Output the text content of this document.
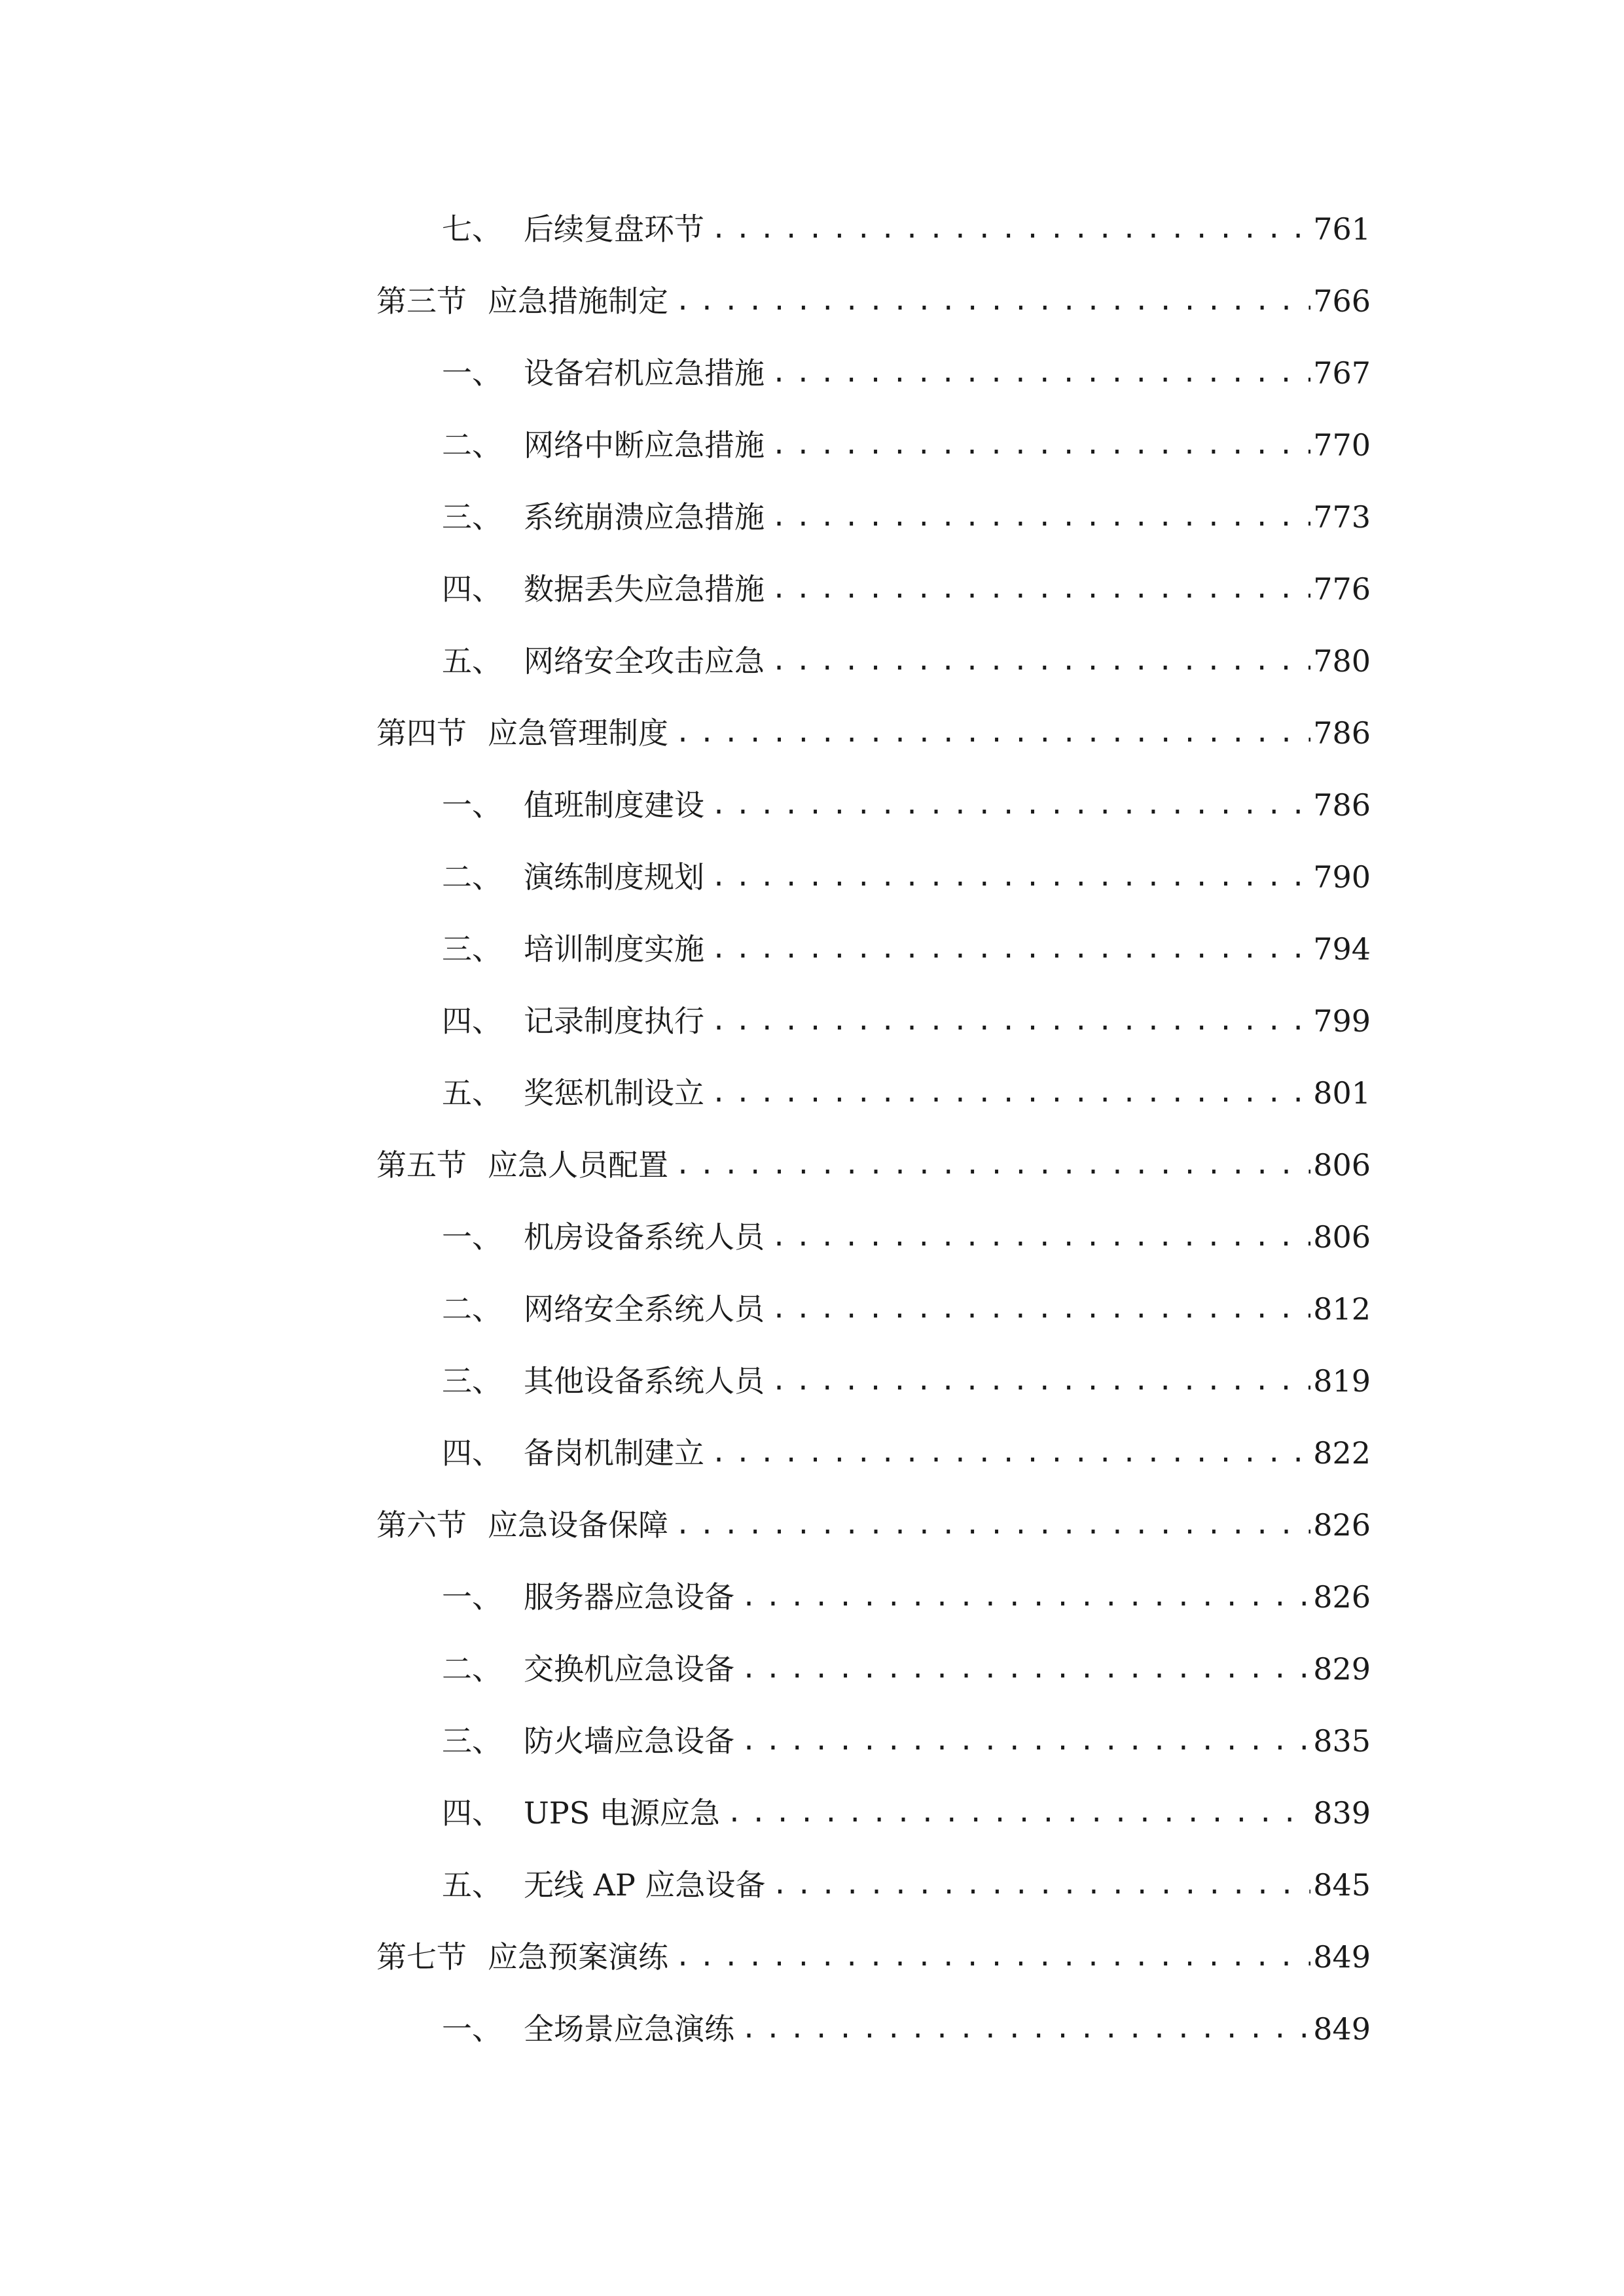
七、 后续复盘环节 .....	761
第三节 应急措施制定 .....	766
一、 设备宕机应急措施 .....	767
二、 网络中断应急措施 .....	770
三、 系统崩溃应急措施 .....	773
四、 数据丢失应急措施 .....	776
五、 网络安全攻击应急 .....	780
第四节 应急管理制度 .....	786
一、 值班制度建设 .....	786
二、 演练制度规划 .....	790
三、 培训制度实施 .....	794
四、 记录制度执行 .....	799
五、 奖惩机制设立 .....	801
第五节 应急人员配置 .....	806
一、 机房设备系统人员 .....	806
二、 网络安全系统人员 .....	812
三、 其他设备系统人员 .....	819
四、 备岗机制建立 .....	822
第六节 应急设备保障 .....	826
一、 服务器应急设备 .....	826
二、 交换机应急设备 .....	829
三、 防火墙应急设备 .....	835
四、 UPS 电源应急 .....	839
五、 无线 AP 应急设备 .....	845
第七节 应急预案演练 .....	849
一、 全场景应急演练 .....	849
